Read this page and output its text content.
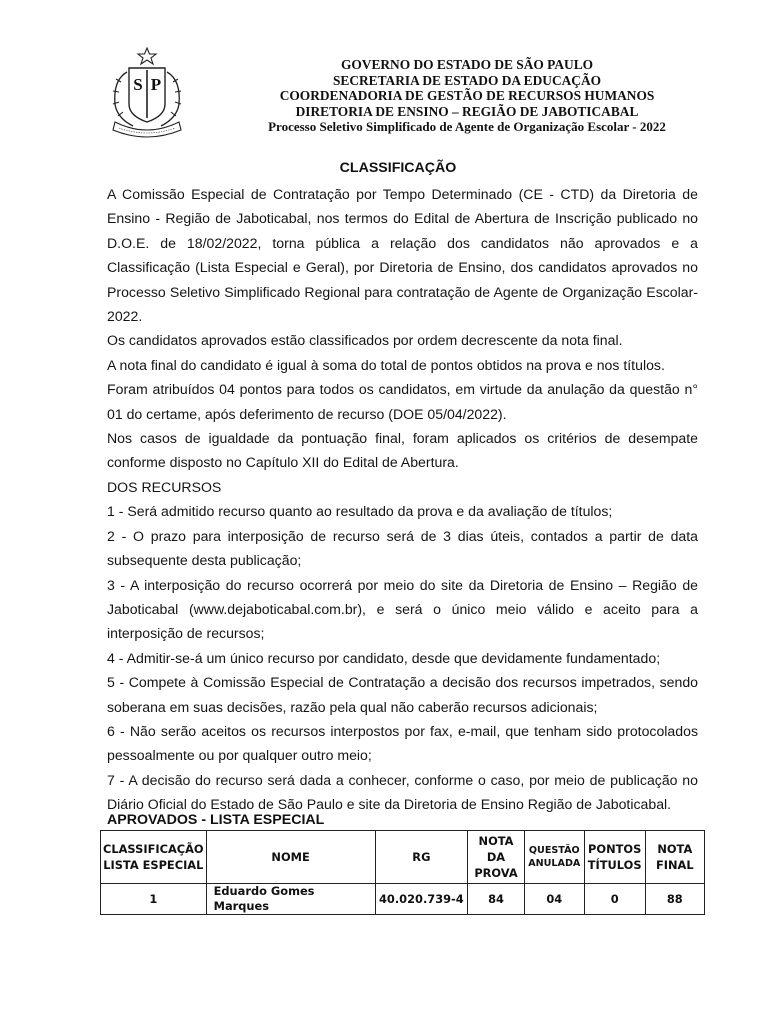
S P
GOVERNO DO ESTADO DE SÃO PAULO
SECRETARIA DE ESTADO DA EDUCAÇÃO
COORDENADORIA DE GESTÃO DE RECURSOS HUMANOS
DIRETORIA DE ENSINO – REGIÃO DE JABOTICABAL
Processo Seletivo Simplificado de Agente de Organização Escolar - 2022
CLASSIFICAÇÃO

A Comissão Especial de Contratação por Tempo Determinado (CE - CTD) da Diretoria de Ensino - Região de Jaboticabal, nos termos do Edital de Abertura de Inscrição publicado no D.O.E. de 18/02/2022, torna pública a relação dos candidatos não aprovados e a Classificação (Lista Especial e Geral), por Diretoria de Ensino, dos candidatos aprovados no Processo Seletivo Simplificado Regional para contratação de Agente de Organização Escolar-2022.

Os candidatos aprovados estão classificados por ordem decrescente da nota final.

A nota final do candidato é igual à soma do total de pontos obtidos na prova e nos títulos.

Foram atribuídos 04 pontos para todos os candidatos, em virtude da anulação da questão n° 01 do certame, após deferimento de recurso (DOE 05/04/2022).

Nos casos de igualdade da pontuação final, foram aplicados os critérios de desempate conforme disposto no Capítulo XII do Edital de Abertura.

DOS RECURSOS

1 - Será admitido recurso quanto ao resultado da prova e da avaliação de títulos;

2 - O prazo para interposição de recurso será de 3 dias úteis, contados a partir de data subsequente desta publicação;

3 - A interposição do recurso ocorrerá por meio do site da Diretoria de Ensino – Região de Jaboticabal (www.dejaboticabal.com.br), e será o único meio válido e aceito para a interposição de recursos;

4 - Admitir-se-á um único recurso por candidato, desde que devidamente fundamentado;

5 - Compete à Comissão Especial de Contratação a decisão dos recursos impetrados, sendo soberana em suas decisões, razão pela qual não caberão recursos adicionais;

6 - Não serão aceitos os recursos interpostos por fax, e-mail, que tenham sido protocolados pessoalmente ou por qualquer outro meio;

7 - A decisão do recurso será dada a conhecer, conforme o caso, por meio de publicação no Diário Oficial do Estado de São Paulo e site da Diretoria de Ensino Região de Jaboticabal.

APROVADOS - LISTA ESPECIAL
CLASSIFICAÇÃO LISTA ESPECIAL	NOME	RG	NOTA DA PROVA	QUESTÃO ANULADA	PONTOS TÍTULOS	NOTA FINAL
1	Eduardo Gomes Marques	40.020.739-4	84	04	0	88
